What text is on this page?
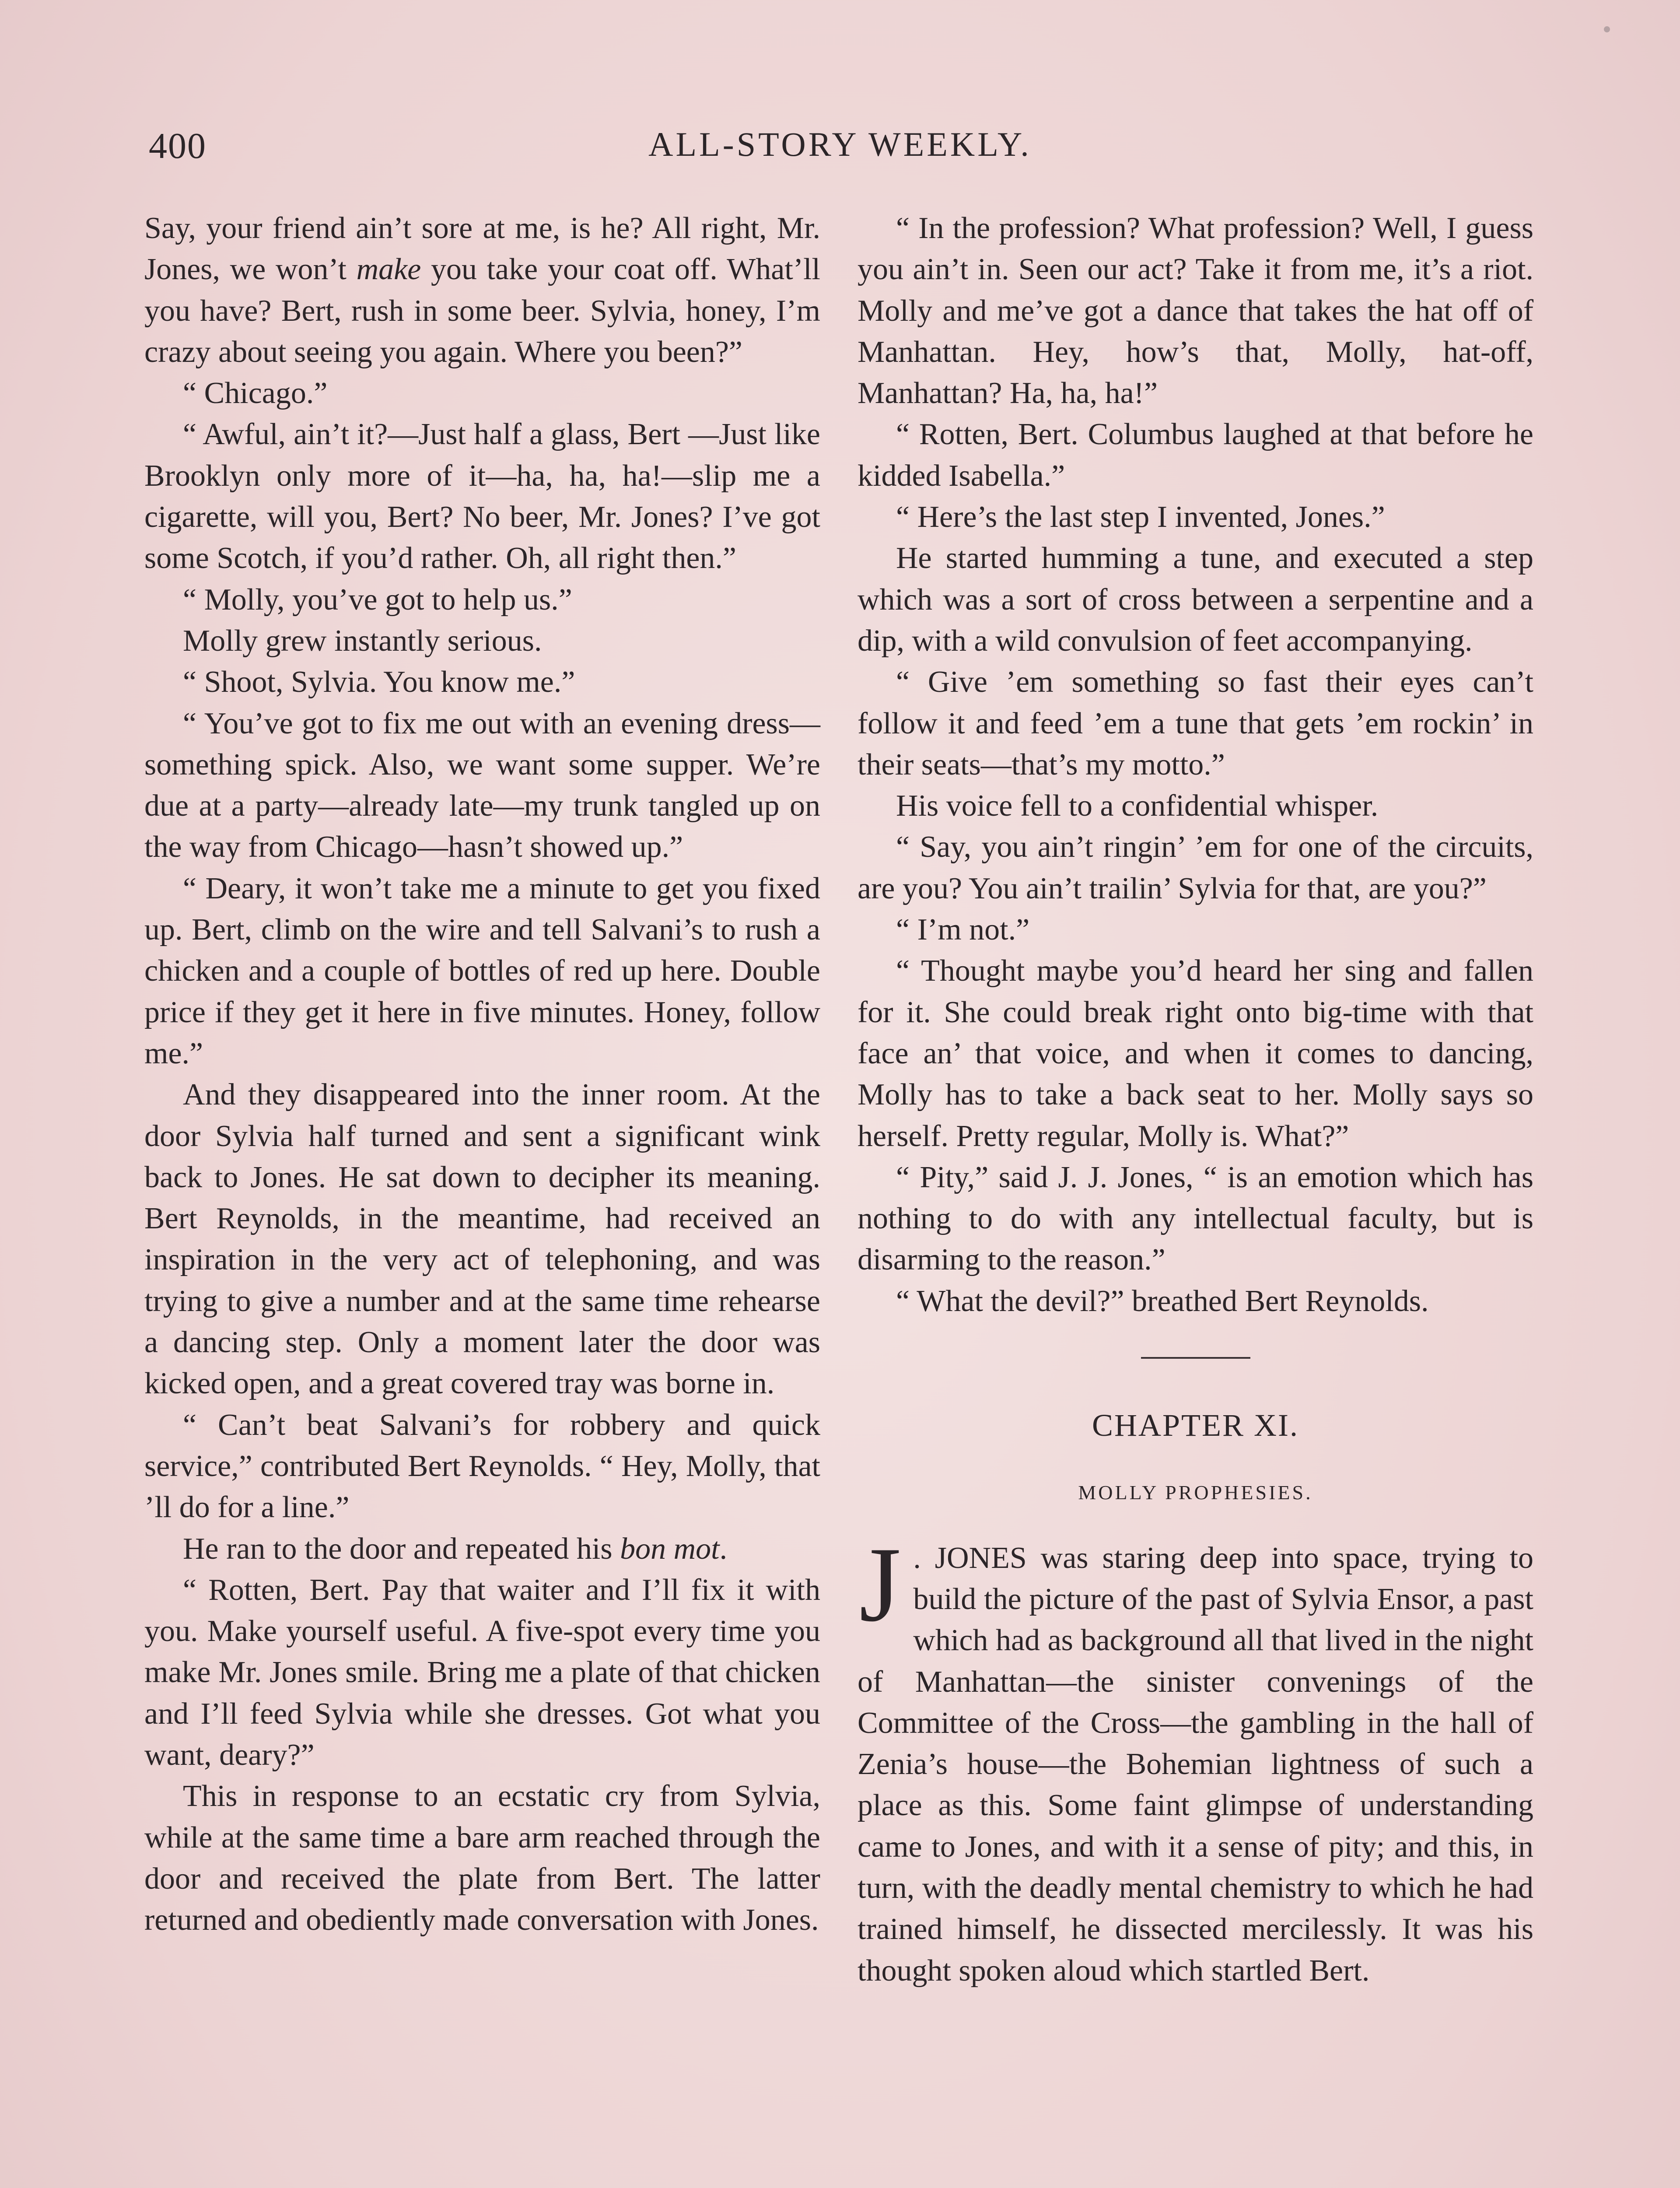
400	ALL-STORY WEEKLY.

Say, your friend ain’t sore at me, is he? All right, Mr. Jones, we won’t make you take your coat off. What’ll you have? Bert, rush in some beer. Sylvia, honey, I’m crazy about seeing you again. Where you been?”

“ Chicago.”

“ Awful, ain’t it?—Just half a glass, Bert —Just like Brooklyn only more of it—ha, ha, ha!—slip me a cigarette, will you, Bert? No beer, Mr. Jones? I’ve got some Scotch, if you’d rather. Oh, all right then.”

“ Molly, you’ve got to help us.”

Molly grew instantly serious.

“ Shoot, Sylvia. You know me.”

“ You’ve got to fix me out with an evening dress—something spick. Also, we want some supper. We’re due at a party—already late—my trunk tangled up on the way from Chicago—hasn’t showed up.”

“ Deary, it won’t take me a minute to get you fixed up. Bert, climb on the wire and tell Salvani’s to rush a chicken and a couple of bottles of red up here. Double price if they get it here in five minutes. Honey, follow me.”

And they disappeared into the inner room. At the door Sylvia half turned and sent a significant wink back to Jones. He sat down to decipher its meaning. Bert Reynolds, in the meantime, had received an inspiration in the very act of telephoning, and was trying to give a number and at the same time rehearse a dancing step. Only a moment later the door was kicked open, and a great covered tray was borne in.

“ Can’t beat Salvani’s for robbery and quick service,” contributed Bert Reynolds. “ Hey, Molly, that ’ll do for a line.”

He ran to the door and repeated his bon mot.

“ Rotten, Bert. Pay that waiter and I’ll fix it with you. Make yourself useful. A five-spot every time you make Mr. Jones smile. Bring me a plate of that chicken and I’ll feed Sylvia while she dresses. Got what you want, deary?”

This in response to an ecstatic cry from Sylvia, while at the same time a bare arm reached through the door and received the plate from Bert. The latter returned and obediently made conversation with Jones.

“ In the profession? What profession? Well, I guess you ain’t in. Seen our act? Take it from me, it’s a riot. Molly and me’ve got a dance that takes the hat off of Manhattan. Hey, how’s that, Molly, hat-off, Manhattan? Ha, ha, ha!”

“ Rotten, Bert. Columbus laughed at that before he kidded Isabella.”

“ Here’s the last step I invented, Jones.”

He started humming a tune, and executed a step which was a sort of cross between a serpentine and a dip, with a wild convulsion of feet accompanying.

“ Give ’em something so fast their eyes can’t follow it and feed ’em a tune that gets ’em rockin’ in their seats—that’s my motto.”

His voice fell to a confidential whisper.

“ Say, you ain’t ringin’ ’em for one of the circuits, are you? You ain’t trailin’ Sylvia for that, are you?”

“ I’m not.”

“ Thought maybe you’d heard her sing and fallen for it. She could break right onto big-time with that face an’ that voice, and when it comes to dancing, Molly has to take a back seat to her. Molly says so herself. Pretty regular, Molly is. What?”

“ Pity,” said J. J. Jones, “ is an emotion which has nothing to do with any intellectual faculty, but is disarming to the reason.”

“ What the devil?” breathed Bert Reynolds.

CHAPTER XI.
MOLLY PROPHESIES.

J . JONES was staring deep into space, trying to build the picture of the past of Sylvia Ensor, a past which had as background all that lived in the night of Manhattan—the sinister convenings of the Committee of the Cross—the gambling in the hall of Zenia’s house—the Bohemian lightness of such a place as this. Some faint glimpse of understanding came to Jones, and with it a sense of pity; and this, in turn, with the deadly mental chemistry to which he had trained himself, he dissected mercilessly. It was his thought spoken aloud which startled Bert.
